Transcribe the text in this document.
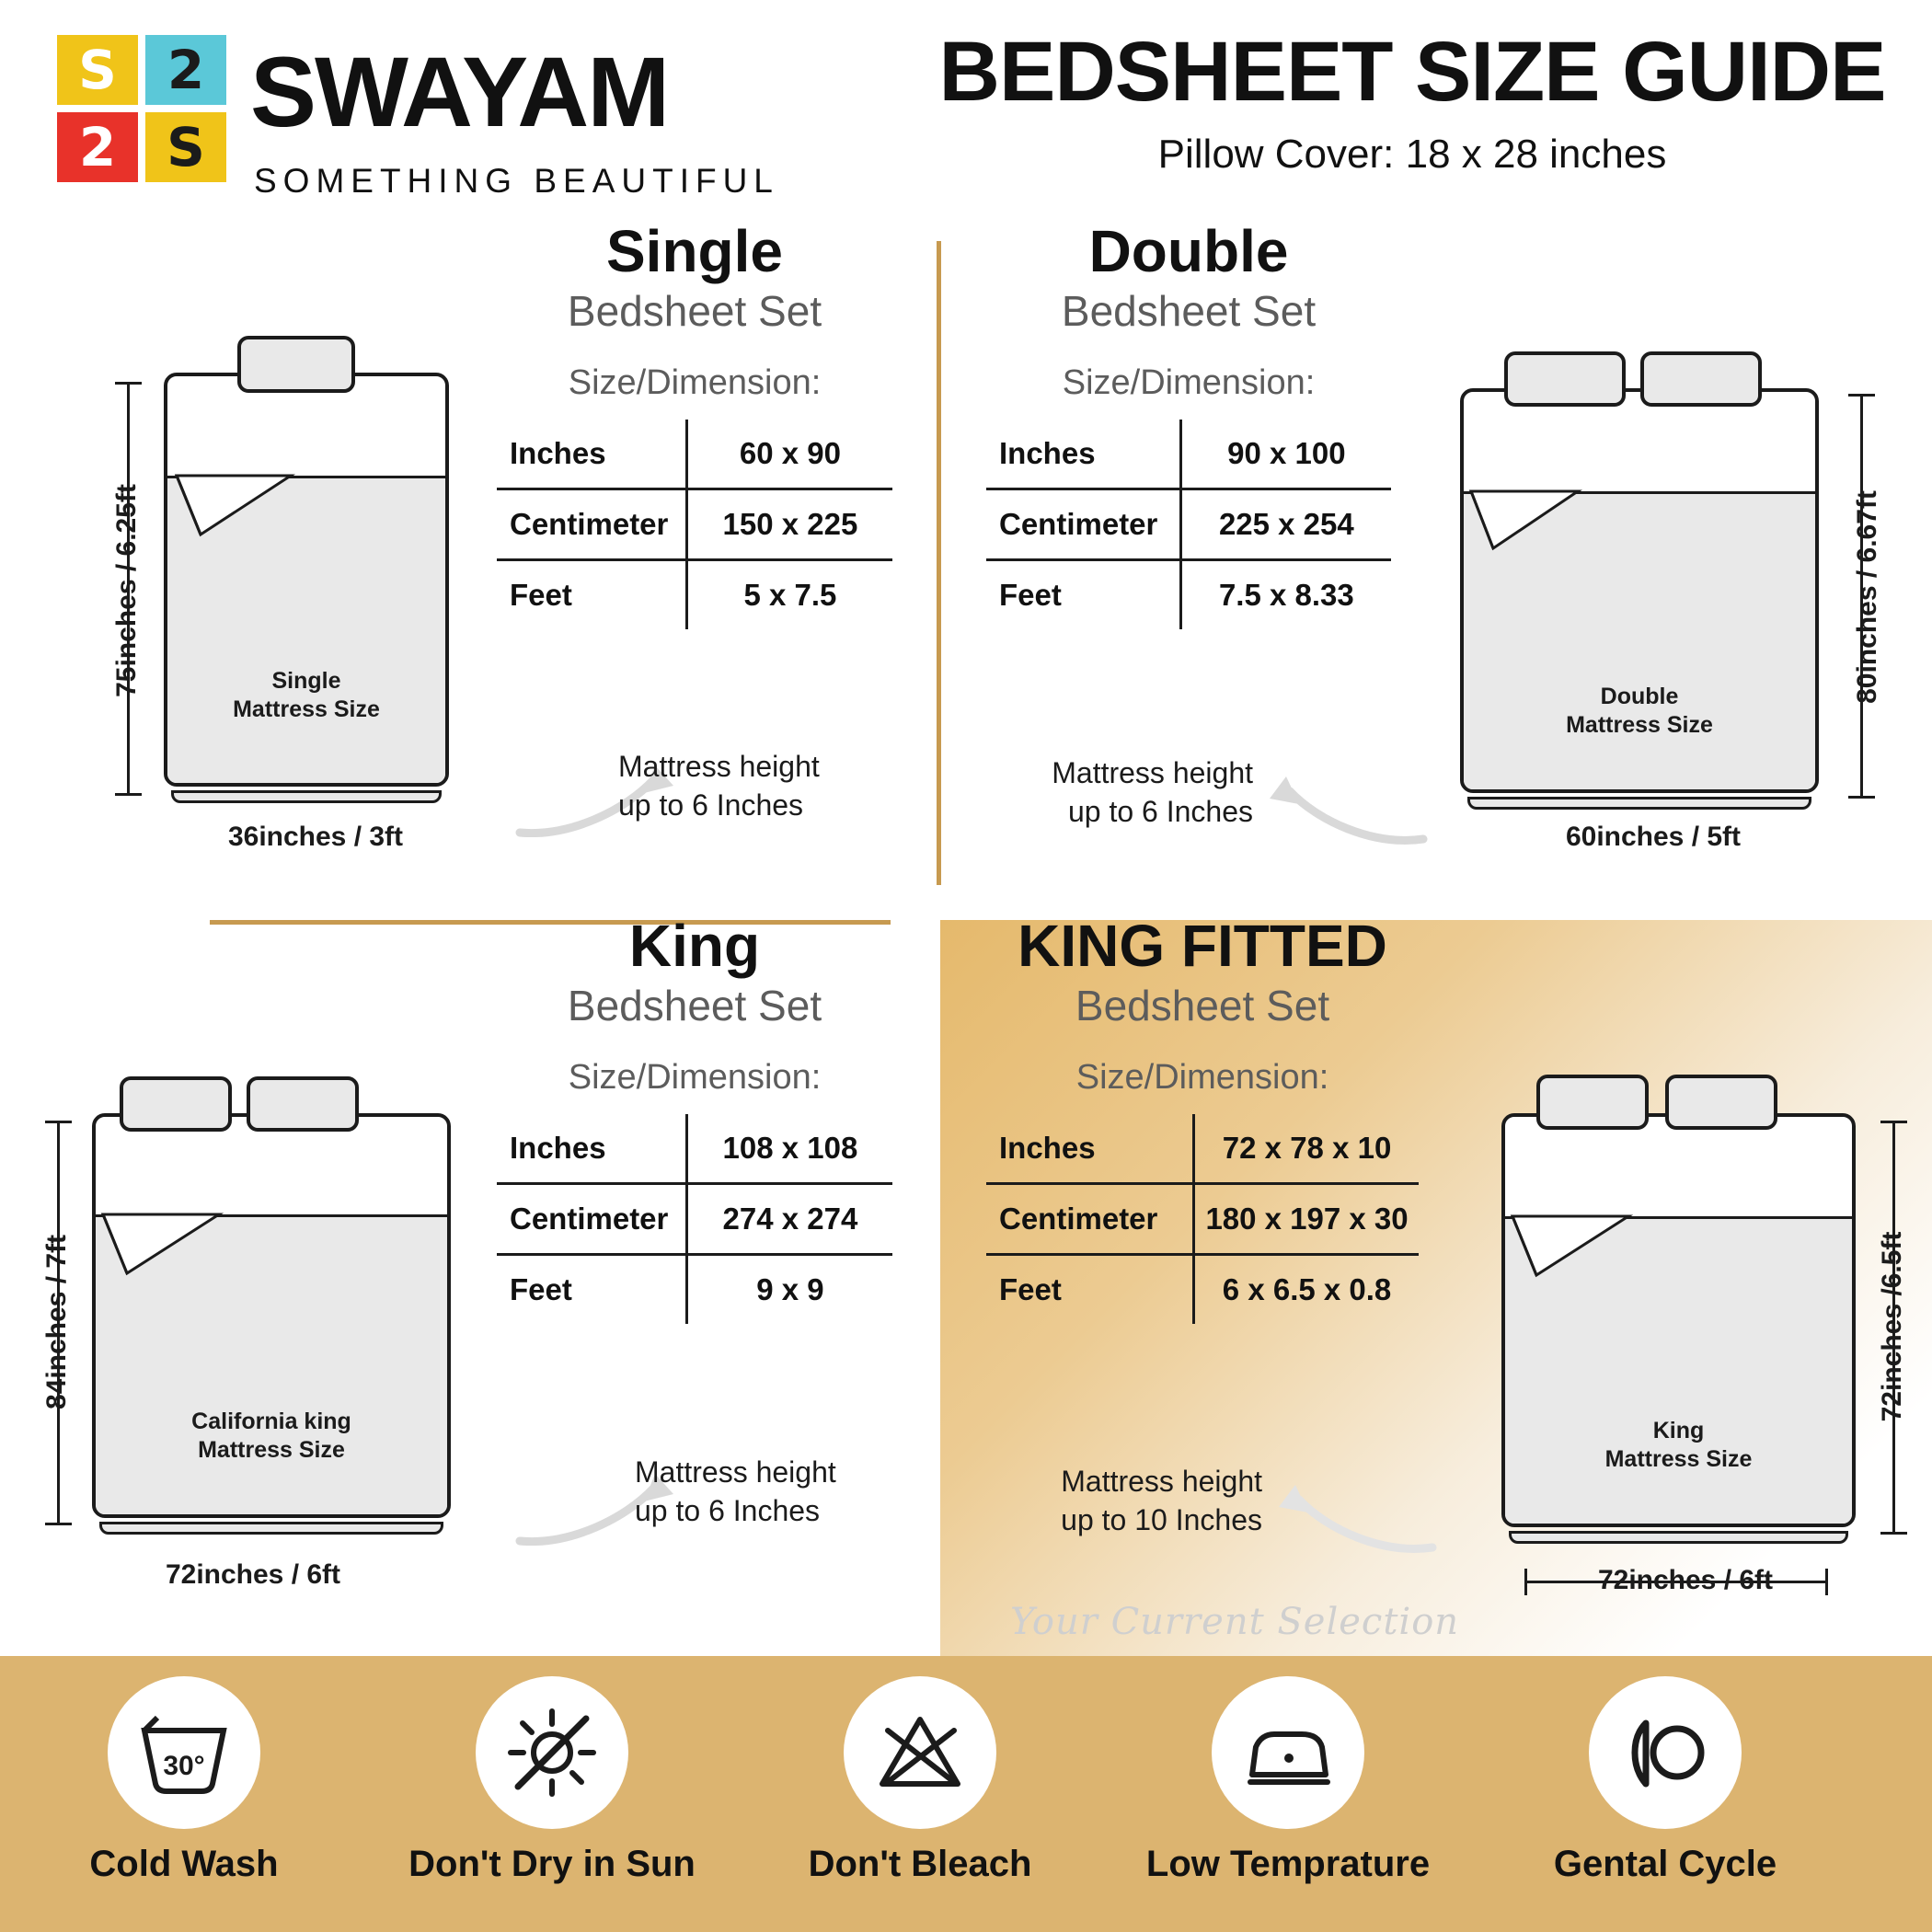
S 2
2 S SWAYAM
SOMETHING BEAUTIFUL
BEDSHEET SIZE GUIDE
Pillow Cover: 18 x 28 inches
Single
Mattress Size
75inches / 6.25ft
36inches / 3ft
Single
Bedsheet Set
Size/Dimension:
Inches	60 x 90
Centimeter	150 x 225
Feet	5 x 7.5
Mattress height
up to 6 Inches
Double
Bedsheet Set
Size/Dimension:
Inches	90 x 100
Centimeter	225 x 254
Feet	7.5 x 8.33
Mattress height
up to 6 Inches
Double
Mattress Size
80inches / 6.67ft
60inches / 5ft
California king
Mattress Size
84inches / 7ft
72inches / 6ft
King
Bedsheet Set
Size/Dimension:
Inches	108 x 108
Centimeter	274 x 274
Feet	9 x 9
Mattress height
up to 6 Inches
KING FITTED
Bedsheet Set
Size/Dimension:
Inches	72 x 78 x 10
Centimeter	180 x 197 x 30
Feet	6 x 6.5 x 0.8
Mattress height
up to 10 Inches
King
Mattress Size
72inches /6.5ft
72inches / 6ft
Your Current Selection
30°
Cold Wash	Don't Dry in Sun	Don't Bleach	Low Temprature	Gental Cycle
